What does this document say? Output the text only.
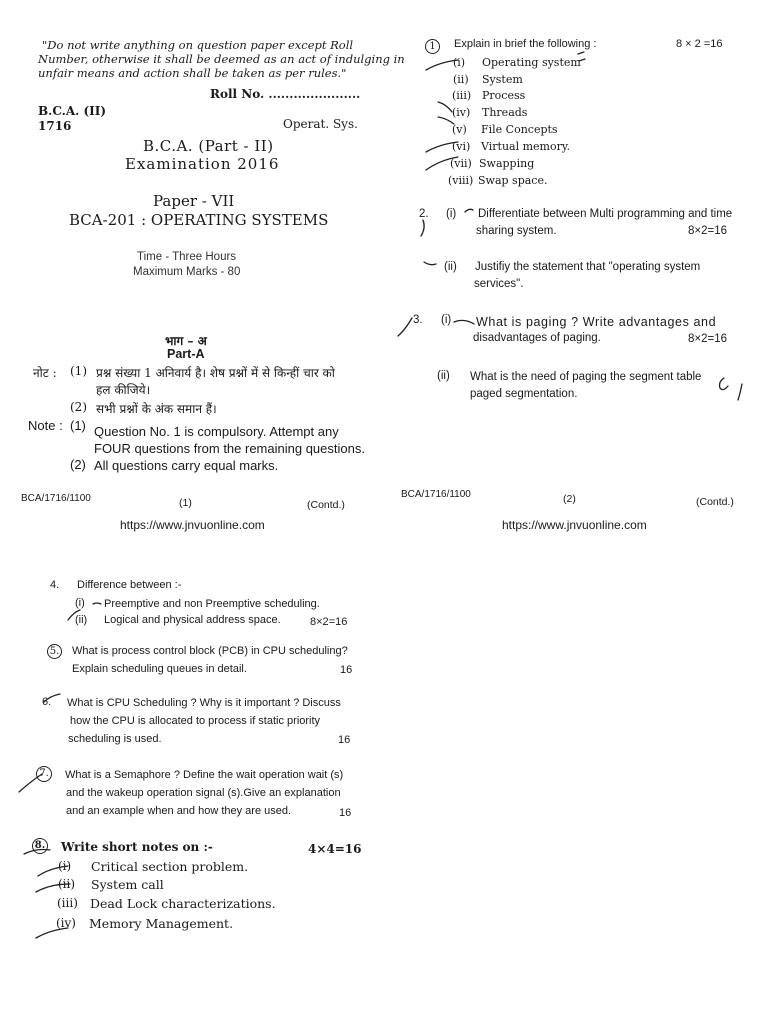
"Do not write anything on question paper except Roll
Number, otherwise it shall be deemed as an act of indulging in
unfair means and action shall be taken as per rules."
Roll No. ......................
B.C.A. (II)
1716	Operat. Sys.
B.C.A. (Part - II)
Examination 2016
Paper - VII
BCA-201 : OPERATING SYSTEMS
Time - Three Hours
Maximum Marks - 80
भाग – अ
Part-A
नोट : (1) प्रश्न संख्या 1 अनिवार्य है। शेष प्रश्नों में से किन्हीं चार को
हल कीजिये।
(2) सभी प्रश्नों के अंक समान हैं।
Note : (1) Question No. 1 is compulsory. Attempt any
FOUR questions from the remaining questions.
(2) All questions carry equal marks.
BCA/1716/1100	(1)	(Contd.)
https://www.jnvuonline.com
1	Explain in brief the following :	8 × 2 =16
(i) Operating system
(ii) System
(iii) Process
(iv) Threads
(v) File Concepts
(vi) Virtual memory.
(vii) Swapping
(viii) Swap space.
2. (i) Differentiate between Multi programming and time
sharing system.	8×2=16
(ii) Justifiy the statement that "operating system
services".
3. (i) What is paging ? Write advantages and
disadvantages of paging.	8×2=16
(ii) What is the need of paging the segment table
paged segmentation.
BCA/1716/1100	(2)	(Contd.)
https://www.jnvuonline.com
4. Difference between :-
(i) Preemptive and non Preemptive scheduling.
(ii) Logical and physical address space.	8×2=16
5. What is process control block (PCB) in CPU scheduling?
Explain scheduling queues in detail.	16
6. What is CPU Scheduling ? Why is it important ? Discuss
how the CPU is allocated to process if static priority
scheduling is used.	16
7. What is a Semaphore ? Define the wait operation wait (s)
and the wakeup operation signal (s).Give an explanation
and an example when and how they are used.	16
8. Write short notes on :-	4×4=16
(i) Critical section problem.
(ii) System call
(iii) Dead Lock characterizations.
(iv) Memory Management.
